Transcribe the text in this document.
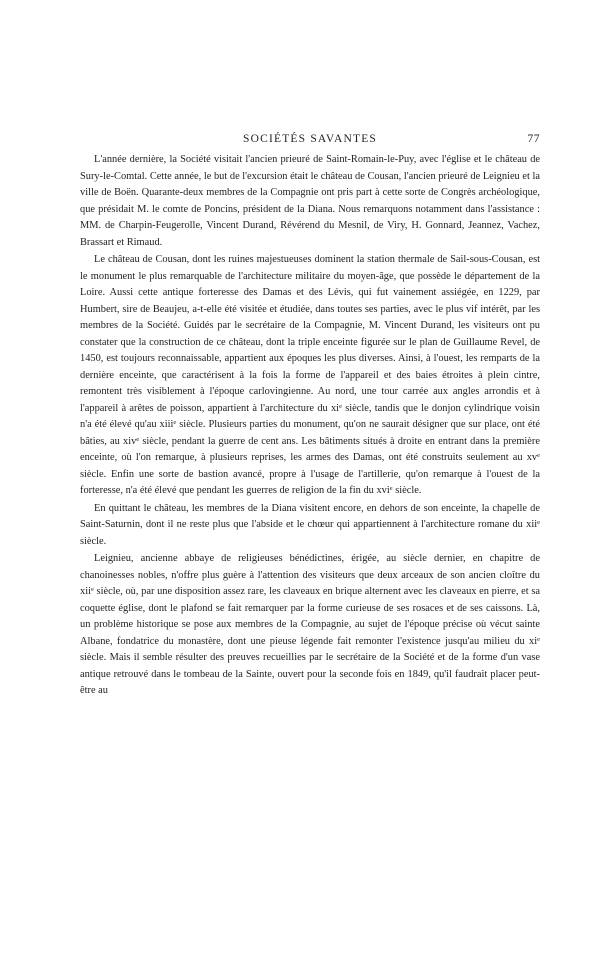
SOCIÉTÉS SAVANTES	77

L'année dernière, la Société visitait l'ancien prieuré de Saint-Romain-le-Puy, avec l'église et le château de Sury-le-Comtal. Cette année, le but de l'excursion était le château de Cousan, l'ancien prieuré de Leignieu et la ville de Boën. Quarante-deux membres de la Compagnie ont pris part à cette sorte de Congrès archéologique, que présidait M. le comte de Poncins, président de la Diana. Nous remarquons notamment dans l'assistance : MM. de Charpin-Feugerolle, Vincent Durand, Révérend du Mesnil, de Viry, H. Gonnard, Jeannez, Vachez, Brassart et Rimaud.

Le château de Cousan, dont les ruines majestueuses dominent la station thermale de Sail-sous-Cousan, est le monument le plus remarquable de l'architecture militaire du moyen-âge, que possède le département de la Loire. Aussi cette antique forteresse des Damas et des Lévis, qui fut vainement assiégée, en 1229, par Humbert, sire de Beaujeu, a-t-elle été visitée et étudiée, dans toutes ses parties, avec le plus vif intérêt, par les membres de la Société. Guidés par le secrétaire de la Compagnie, M. Vincent Durand, les visiteurs ont pu constater que la construction de ce château, dont la triple enceinte figurée sur le plan de Guillaume Revel, de 1450, est toujours reconnaissable, appartient aux époques les plus diverses. Ainsi, à l'ouest, les remparts de la dernière enceinte, que caractérisent à la fois la forme de l'appareil et des baies étroites à plein cintre, remontent très visiblement à l'époque carlovingienne. Au nord, une tour carrée aux angles arrondis et à l'appareil à arêtes de poisson, appartient à l'architecture du $xi^e$ siècle, tandis que le donjon cylindrique voisin n'a été élevé qu'au xiii$^e$ siècle. Plusieurs parties du monument, qu'on ne saurait désigner que sur place, ont été bâties, au xiv$^e$ siècle, pendant la guerre de cent ans. Les bâtiments situés à droite en entrant dans la première enceinte, où l'on remarque, à plusieurs reprises, les armes des Damas, ont été construits seulement au $xv^e$ siècle. Enfin une sorte de bastion avancé, propre à l'usage de l'artillerie, qu'on remarque à l'ouest de la forteresse, n'a été élevé que pendant les guerres de religion de la fin du xvi$^e$ siècle.

En quittant le château, les membres de la Diana visitent encore, en dehors de son enceinte, la chapelle de Saint-Saturnin, dont il ne reste plus que l'abside et le chœur qui appartiennent à l'architecture romane du xii$^e$ siècle.

Leignieu, ancienne abbaye de religieuses bénédictines, érigée, au siècle dernier, en chapitre de chanoinesses nobles, n'offre plus guère à l'attention des visiteurs que deux arceaux de son ancien cloître du xii$^e$ siècle, où, par une disposition assez rare, les claveaux en brique alternent avec les claveaux en pierre, et sa coquette église, dont le plafond se fait remarquer par la forme curieuse de ses rosaces et de ses caissons. Là, un problème historique se pose aux membres de la Compagnie, au sujet de l'époque précise où vécut sainte Albane, fondatrice du monastère, dont une pieuse légende fait remonter l'existence jusqu'au milieu du $xi^e$ siècle. Mais il semble résulter des preuves recueillies par le secrétaire de la Société et de la forme d'un vase antique retrouvé dans le tombeau de la Sainte, ouvert pour la seconde fois en 1849, qu'il faudrait placer peut-être au
